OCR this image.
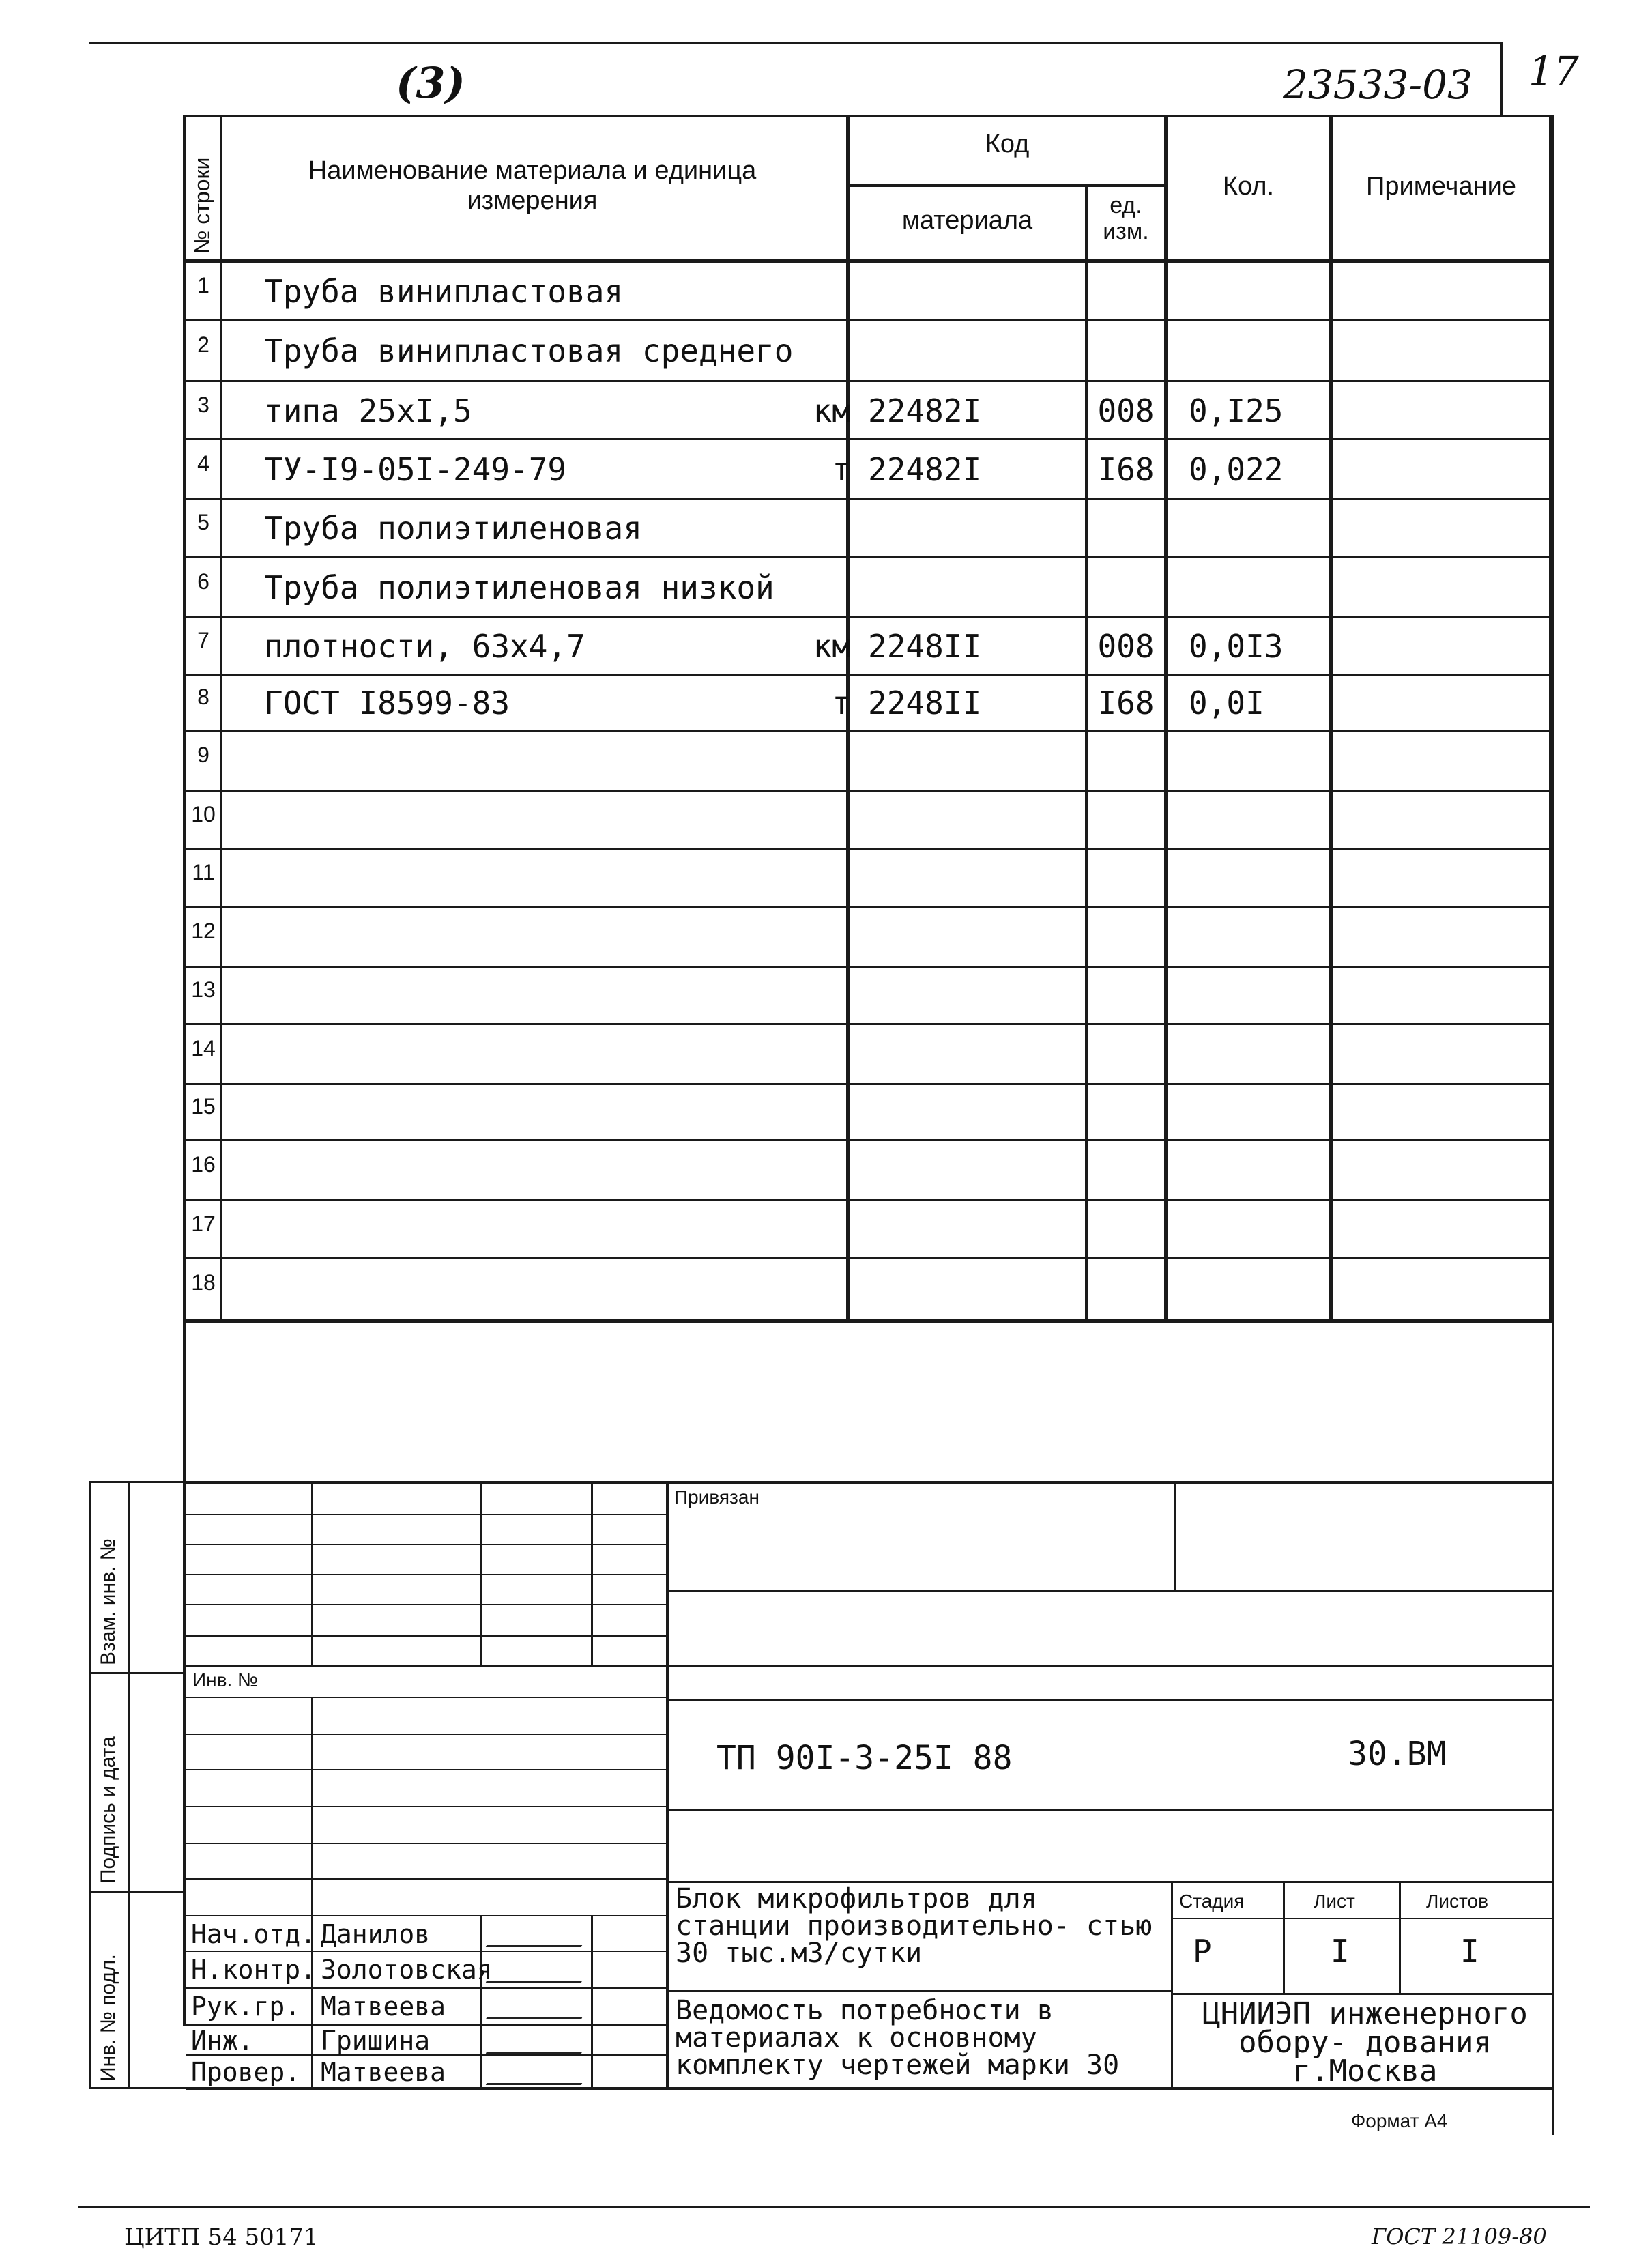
(3)	23533-03 17
№ строки	Наименование материала и единица измерения
Код
материала
ед. изм.
Кол.	Примечание
1	Труба винипластовая
2	Труба винипластовая среднего
3	типа 25хI,5	км 22482I	008	0,I25
4	ТУ-I9-05I-249-79	т 22482I	I68	0,022
5	Труба полиэтиленовая
6	Труба полиэтиленовая низкой
7	плотности, 63х4,7	км 2248II	008	0,0I3
8	ГОСТ I8599-83	т 2248II	I68	0,0I
9
10
11
12
13
14
15
16
17
18
Взам. инв. №
Подпись и дата
Инв. № подл.
Привязан
Инв. №
ТП 90I-3-25I 88	30.ВМ
Блок микрофильтров для станции производительно- стью 30 тыс.м3/сутки
Ведомость потребности в материалах к основному комплекту чертежей марки 30
Стадия	Лист	Листов
Р	I	I
ЦНИИЭП инженерного обору- дования г.Москва
Нач.отд. Данилов
Н.контр. Золотовская
Рук.гр. Матвеева
Инж.	Гришина
Провер. Матвеева
Формат А4
ЦИТП 54 50171	ГОСТ 21109-80
